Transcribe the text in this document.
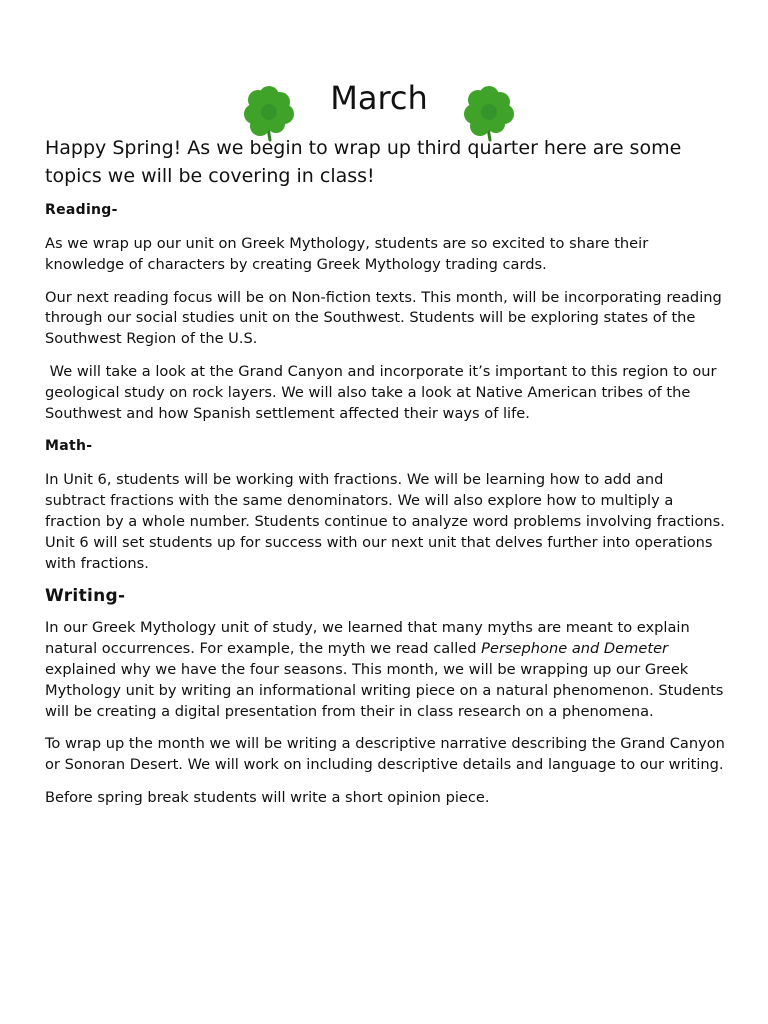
March

Happy Spring! As we begin to wrap up third quarter here are some topics we will be covering in class!

Reading-

As we wrap up our unit on Greek Mythology, students are so excited to share their knowledge of characters by creating Greek Mythology trading cards.

Our next reading focus will be on Non-fiction texts. This month, will be incorporating reading through our social studies unit on the Southwest. Students will be exploring states of the Southwest Region of the U.S.

We will take a look at the Grand Canyon and incorporate it’s important to this region to our geological study on rock layers. We will also take a look at Native American tribes of the Southwest and how Spanish settlement affected their ways of life.

Math-

In Unit 6, students will be working with fractions. We will be learning how to add and subtract fractions with the same denominators. We will also explore how to multiply a fraction by a whole number. Students continue to analyze word problems involving fractions. Unit 6 will set students up for success with our next unit that delves further into operations with fractions.

Writing-

In our Greek Mythology unit of study, we learned that many myths are meant to explain natural occurrences. For example, the myth we read called Persephone and Demeter explained why we have the four seasons. This month, we will be wrapping up our Greek Mythology unit by writing an informational writing piece on a natural phenomenon. Students will be creating a digital presentation from their in class research on a phenomena.

To wrap up the month we will be writing a descriptive narrative describing the Grand Canyon or Sonoran Desert. We will work on including descriptive details and language to our writing.

Before spring break students will write a short opinion piece.
